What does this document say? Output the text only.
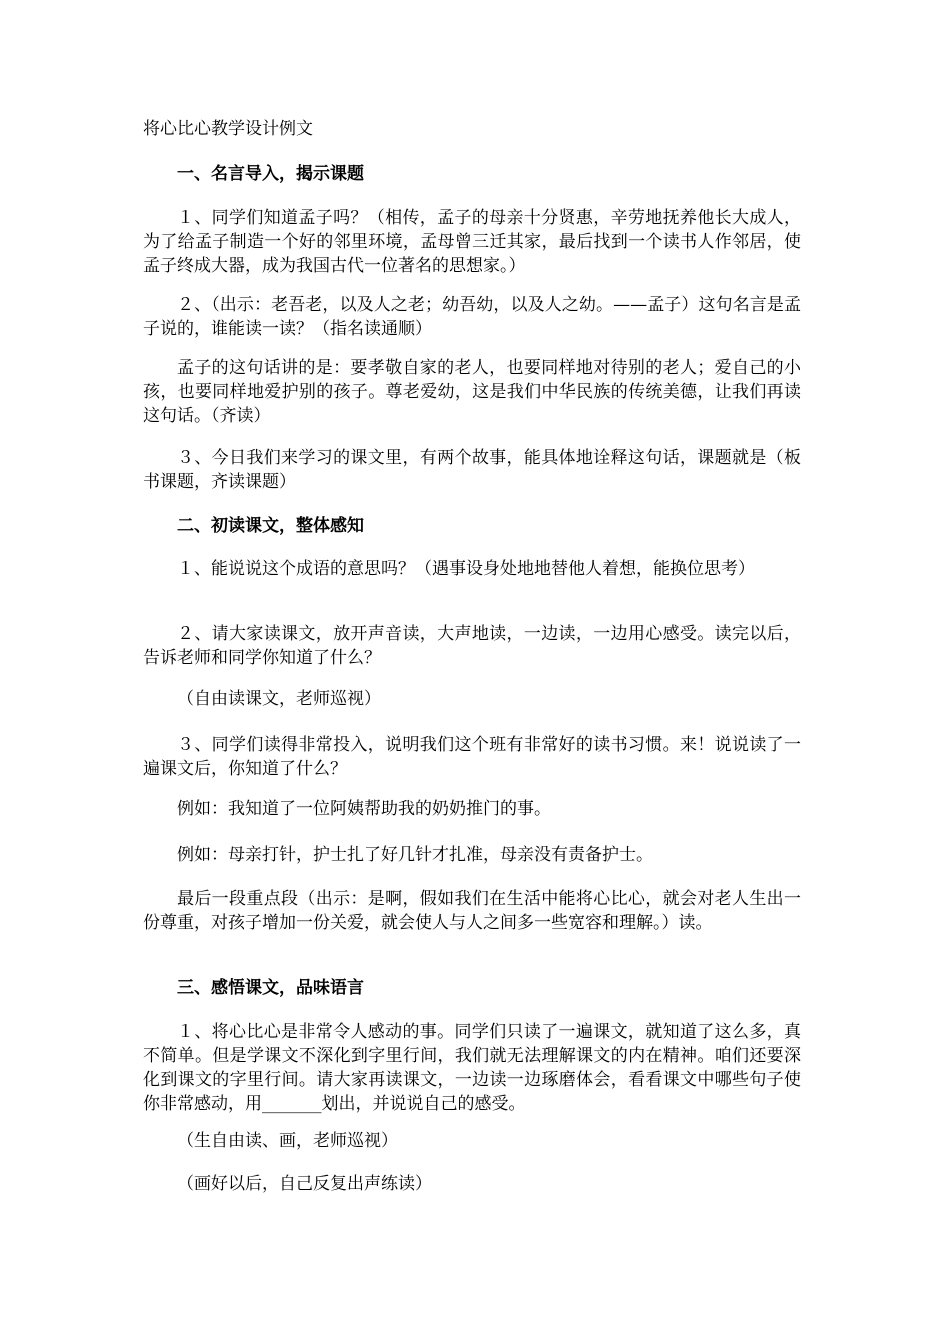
将心比心教学设计例文

一、名言导入，揭示课题

１、同学们知道孟子吗？（相传，孟子的母亲十分贤惠，辛劳地抚养他长大成人，为了给孟子制造一个好的邻里环境，孟母曾三迁其家，最后找到一个读书人作邻居，使孟子终成大器，成为我国古代一位著名的思想家。）

２、（出示：老吾老，以及人之老；幼吾幼，以及人之幼。——孟子）这句名言是孟子说的，谁能读一读？（指名读通顺）

孟子的这句话讲的是：要孝敬自家的老人，也要同样地对待别的老人；爱自己的小孩，也要同样地爱护别的孩子。尊老爱幼，这是我们中华民族的传统美德，让我们再读这句话。（齐读）

３、今日我们来学习的课文里，有两个故事，能具体地诠释这句话，课题就是（板书课题，齐读课题）

二、初读课文，整体感知

１、能说说这个成语的意思吗？（遇事设身处地地替他人着想，能换位思考）

２、请大家读课文，放开声音读，大声地读，一边读，一边用心感受。读完以后，告诉老师和同学你知道了什么？

（自由读课文，老师巡视）

３、同学们读得非常投入，说明我们这个班有非常好的读书习惯。来！说说读了一遍课文后，你知道了什么？

例如：我知道了一位阿姨帮助我的奶奶推门的事。

例如：母亲打针，护士扎了好几针才扎准，母亲没有责备护士。

最后一段重点段（出示：是啊，假如我们在生活中能将心比心，就会对老人生出一份尊重，对孩子增加一份关爱，就会使人与人之间多一些宽容和理解。）读。

三、感悟课文，品味语言

１、将心比心是非常令人感动的事。同学们只读了一遍课文，就知道了这么多，真不简单。但是学课文不深化到字里行间，我们就无法理解课文的内在精神。咱们还要深化到课文的字里行间。请大家再读课文，一边读一边琢磨体会，看看课文中哪些句子使你非常感动，用_______划出，并说说自己的感受。

（生自由读、画，老师巡视）

（画好以后，自己反复出声练读）
